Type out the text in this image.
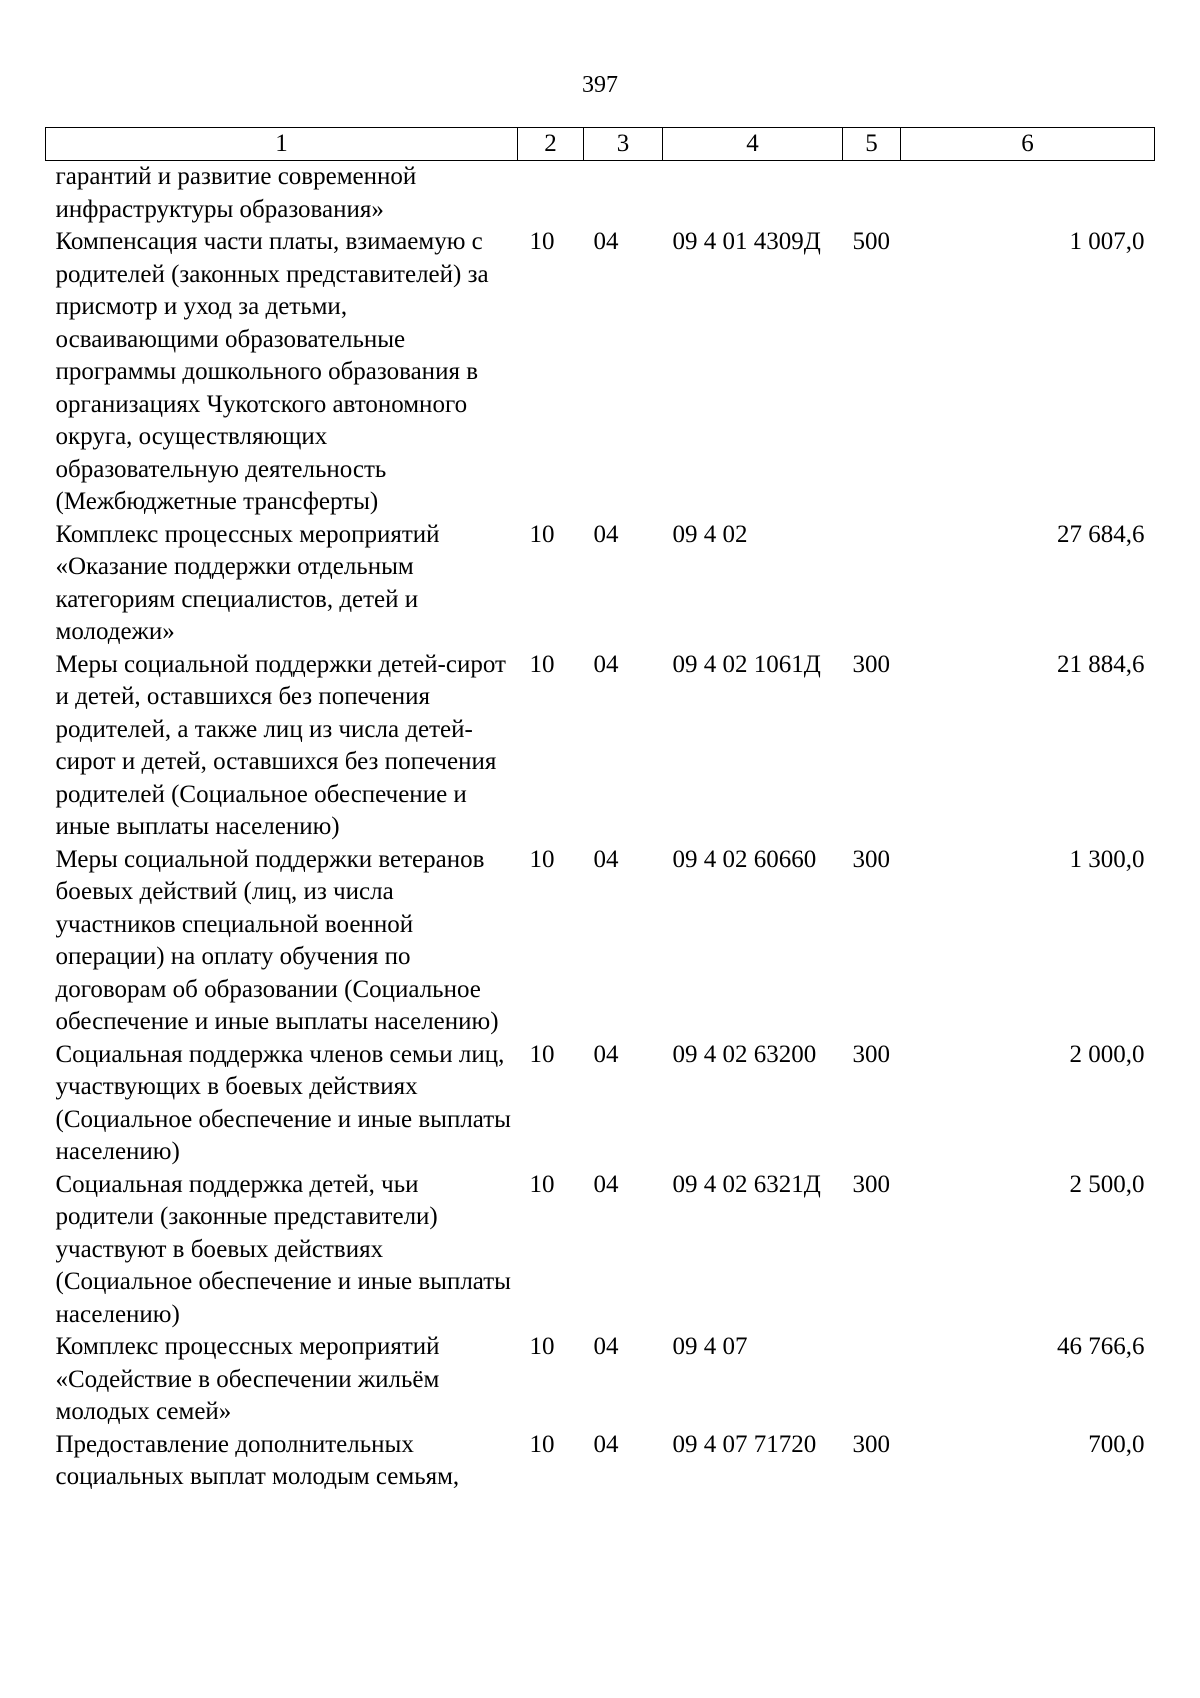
397
1	2	3	4	5	6
гарантий и развитие современной инфраструктуры образования»					
Компенсация части платы, взимаемую с родителей (законных представителей) за присмотр и уход за детьми, осваивающими образовательные программы дошкольного образования в организациях Чукотского автономного округа, осуществляющих образовательную деятельность (Межбюджетные трансферты)	10	04	09 4 01 4309Д	500	1 007,0
Комплекс процессных мероприятий «Оказание поддержки отдельным категориям специалистов, детей и молодежи»	10	04	09 4 02		27 684,6
Меры социальной поддержки детей-сирот и детей, оставшихся без попечения родителей, а также лиц из числа детей-сирот и детей, оставшихся без попечения родителей (Социальное обеспечение и иные выплаты населению)	10	04	09 4 02 1061Д	300	21 884,6
Меры социальной поддержки ветеранов боевых действий (лиц, из числа участников специальной военной операции) на оплату обучения по договорам об образовании (Социальное обеспечение и иные выплаты населению)	10	04	09 4 02 60660	300	1 300,0
Социальная поддержка членов семьи лиц, участвующих в боевых действиях (Социальное обеспечение и иные выплаты населению)	10	04	09 4 02 63200	300	2 000,0
Социальная поддержка детей, чьи родители (законные представители) участвуют в боевых действиях (Социальное обеспечение и иные выплаты населению)	10	04	09 4 02 6321Д	300	2 500,0
Комплекс процессных мероприятий «Содействие в обеспечении жильём молодых семей»	10	04	09 4 07		46 766,6
Предоставление дополнительных социальных выплат молодым семьям,	10	04	09 4 07 71720	300	700,0
